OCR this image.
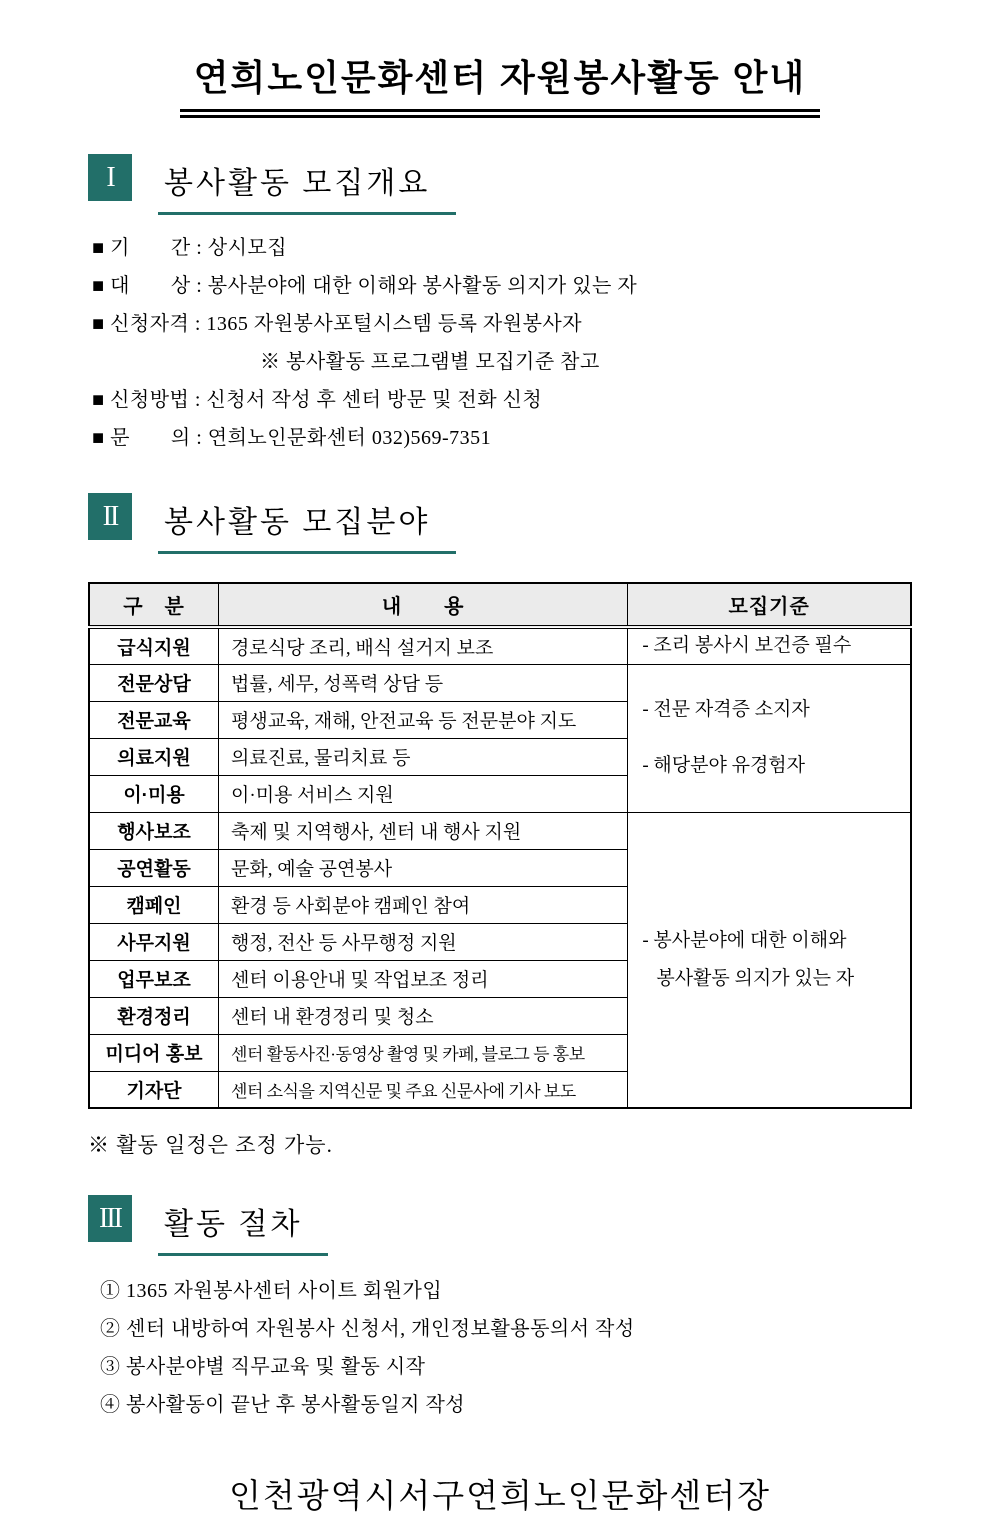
연희노인문화센터 자원봉사활동 안내
I	봉사활동 모집개요
■ 기　　간 : 상시모집
■ 대　　상 : 봉사분야에 대한 이해와 봉사활동 의지가 있는 자
■ 신청자격 : 1365 자원봉사포털시스템 등록 자원봉사자
※ 봉사활동 프로그램별 모집기준 참고
■ 신청방법 : 신청서 작성 후 센터 방문 및 전화 신청
■ 문　　의 : 연희노인문화센터 032)569-7351
II	봉사활동 모집분야
구　분	내　　용	모집기준
급식지원	경로식당 조리, 배식 설거지 보조	- 조리 봉사시 보건증 필수

전문상담	법률, 세무, 성폭력 상담 등	- 전문 자격증 소지자
- 해당분야 유경험자

전문교육	평생교육, 재해, 안전교육 등 전문분야 지도	
의료지원	의료진료, 물리치료 등	
이·미용	이·미용 서비스 지원	
행사보조	축제 및 지역행사, 센터 내 행사 지원	- 봉사분야에 대한 이해와
봉사활동 의지가 있는 자

공연활동	문화, 예술 공연봉사	
캠페인	환경 등 사회분야 캠페인 참여	
사무지원	행정, 전산 등 사무행정 지원	
업무보조	센터 이용안내 및 작업보조 정리	
환경정리	센터 내 환경정리 및 청소	
미디어 홍보	센터 활동사진·동영상 촬영 및 카페, 블로그 등 홍보	
기자단	센터 소식을 지역신문 및 주요 신문사에 기사 보도	
※ 활동 일정은 조정 가능.
III	활동 절차
① 1365 자원봉사센터 사이트 회원가입
② 센터 내방하여 자원봉사 신청서, 개인정보활용동의서 작성
③ 봉사분야별 직무교육 및 활동 시작
④ 봉사활동이 끝난 후 봉사활동일지 작성
인천광역시서구연희노인문화센터장
